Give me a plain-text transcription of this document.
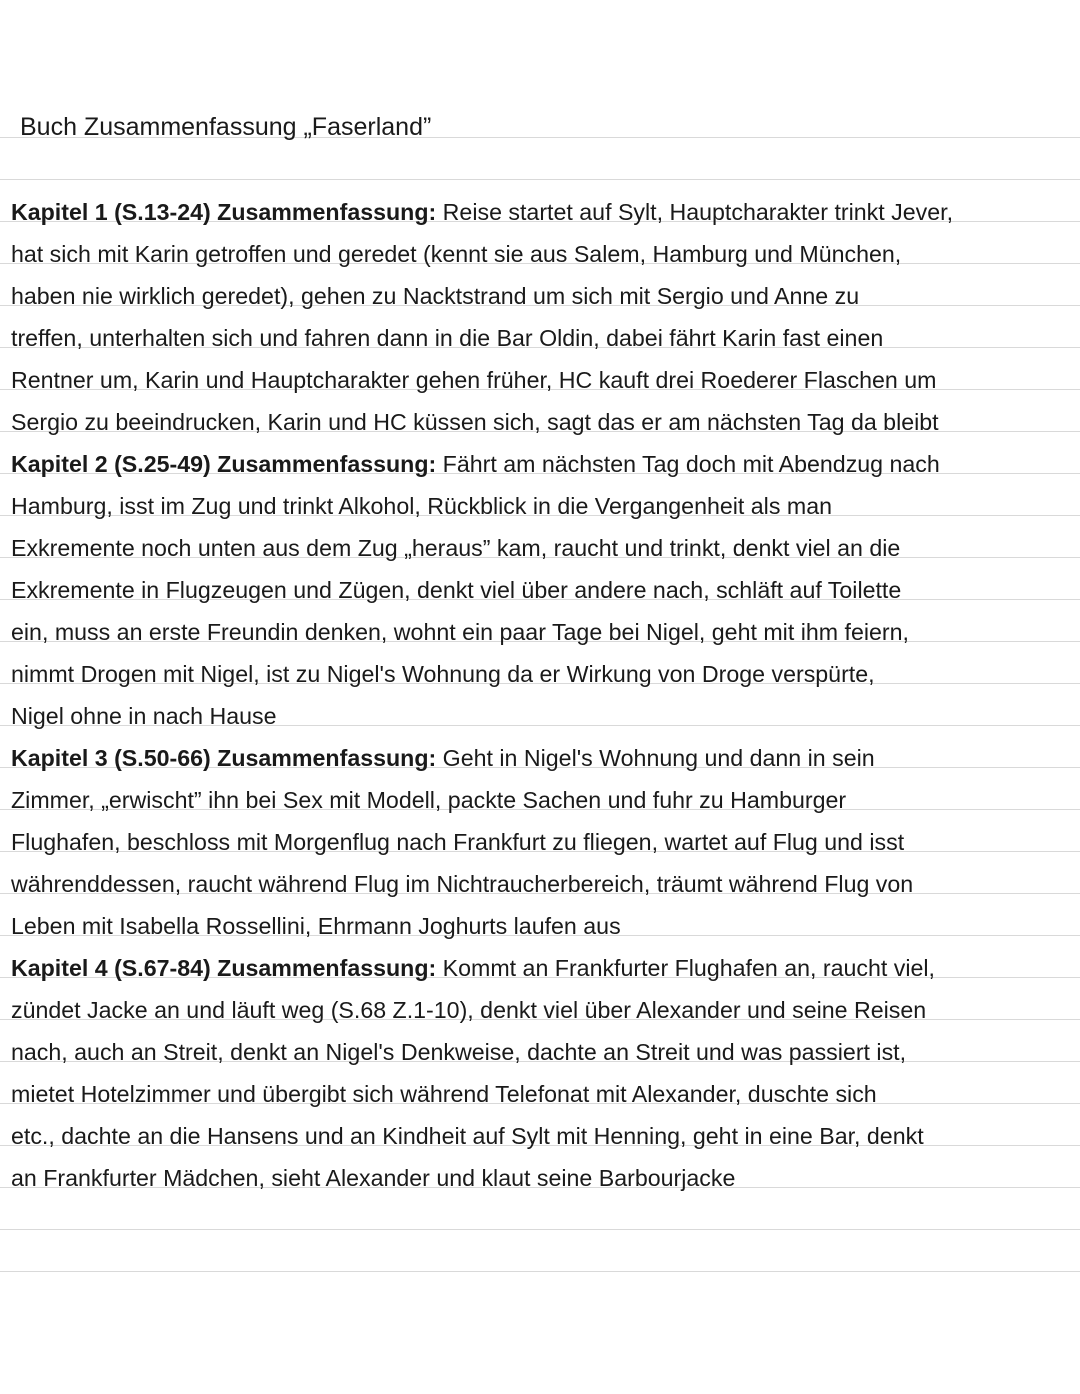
Buch Zusammenfassung „Faserland”
Kapitel 1 (S.13-24) Zusammenfassung: Reise startet auf Sylt, Hauptcharakter trinkt Jever,
hat sich mit Karin getroffen und geredet (kennt sie aus Salem, Hamburg und München,
haben nie wirklich geredet), gehen zu Nacktstrand um sich mit Sergio und Anne zu
treffen, unterhalten sich und fahren dann in die Bar Oldin, dabei fährt Karin fast einen
Rentner um, Karin und Hauptcharakter gehen früher, HC kauft drei Roederer Flaschen um
Sergio zu beeindrucken, Karin und HC küssen sich, sagt das er am nächsten Tag da bleibt
Kapitel 2 (S.25-49) Zusammenfassung: Fährt am nächsten Tag doch mit Abendzug nach
Hamburg, isst im Zug und trinkt Alkohol, Rückblick in die Vergangenheit als man
Exkremente noch unten aus dem Zug „heraus” kam, raucht und trinkt, denkt viel an die
Exkremente in Flugzeugen und Zügen, denkt viel über andere nach, schläft auf Toilette
ein, muss an erste Freundin denken, wohnt ein paar Tage bei Nigel, geht mit ihm feiern,
nimmt Drogen mit Nigel, ist zu Nigel's Wohnung da er Wirkung von Droge verspürte,
Nigel ohne in nach Hause
Kapitel 3 (S.50-66) Zusammenfassung: Geht in Nigel's Wohnung und dann in sein
Zimmer, „erwischt” ihn bei Sex mit Modell, packte Sachen und fuhr zu Hamburger
Flughafen, beschloss mit Morgenflug nach Frankfurt zu fliegen, wartet auf Flug und isst
währenddessen, raucht während Flug im Nichtraucherbereich, träumt während Flug von
Leben mit Isabella Rossellini, Ehrmann Joghurts laufen aus
Kapitel 4 (S.67-84) Zusammenfassung: Kommt an Frankfurter Flughafen an, raucht viel,
zündet Jacke an und läuft weg (S.68 Z.1-10), denkt viel über Alexander und seine Reisen
nach, auch an Streit, denkt an Nigel's Denkweise, dachte an Streit und was passiert ist,
mietet Hotelzimmer und übergibt sich während Telefonat mit Alexander, duschte sich
etc., dachte an die Hansens und an Kindheit auf Sylt mit Henning, geht in eine Bar, denkt
an Frankfurter Mädchen, sieht Alexander und klaut seine Barbourjacke
